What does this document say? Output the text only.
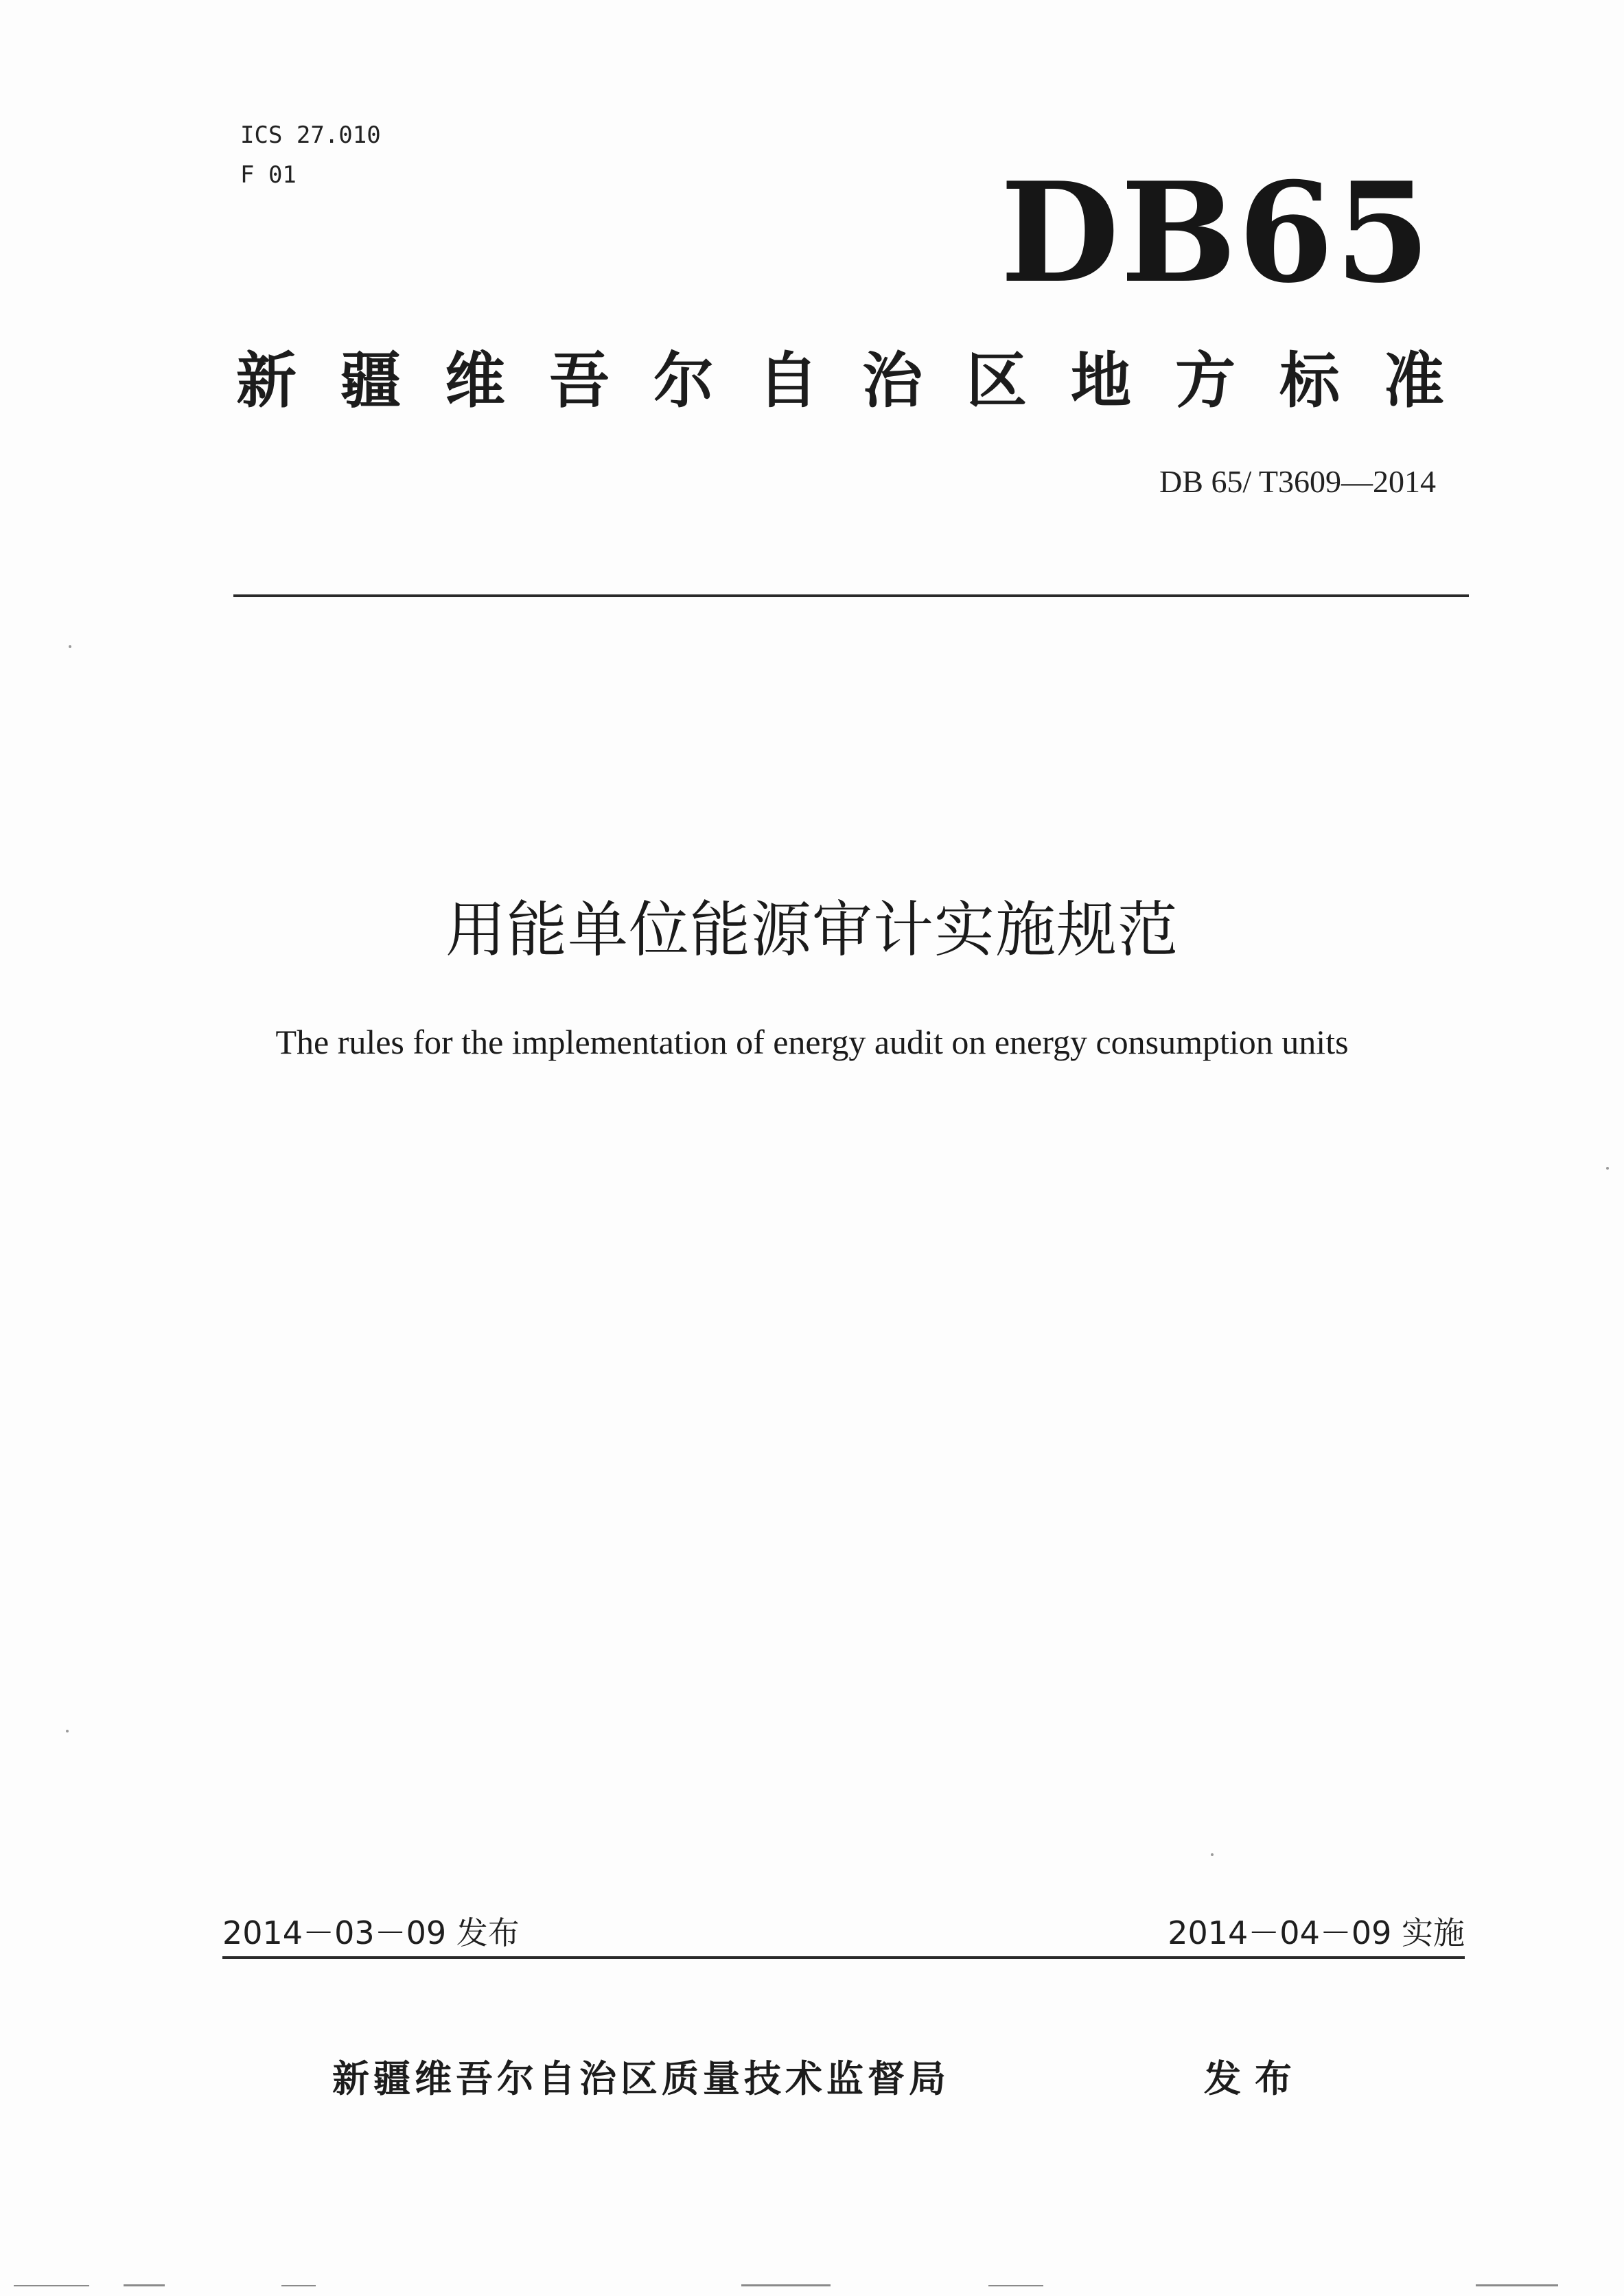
ICS 27.010
F 01	DB65
新疆维吾尔自治区地方标准
DB 65/ T3609—2014
用能单位能源审计实施规范
The rules for the implementation of energy audit on energy consumption units
2014－03－09 发布	2014－04－09 实施
新疆维吾尔自治区质量技术监督局	发布
